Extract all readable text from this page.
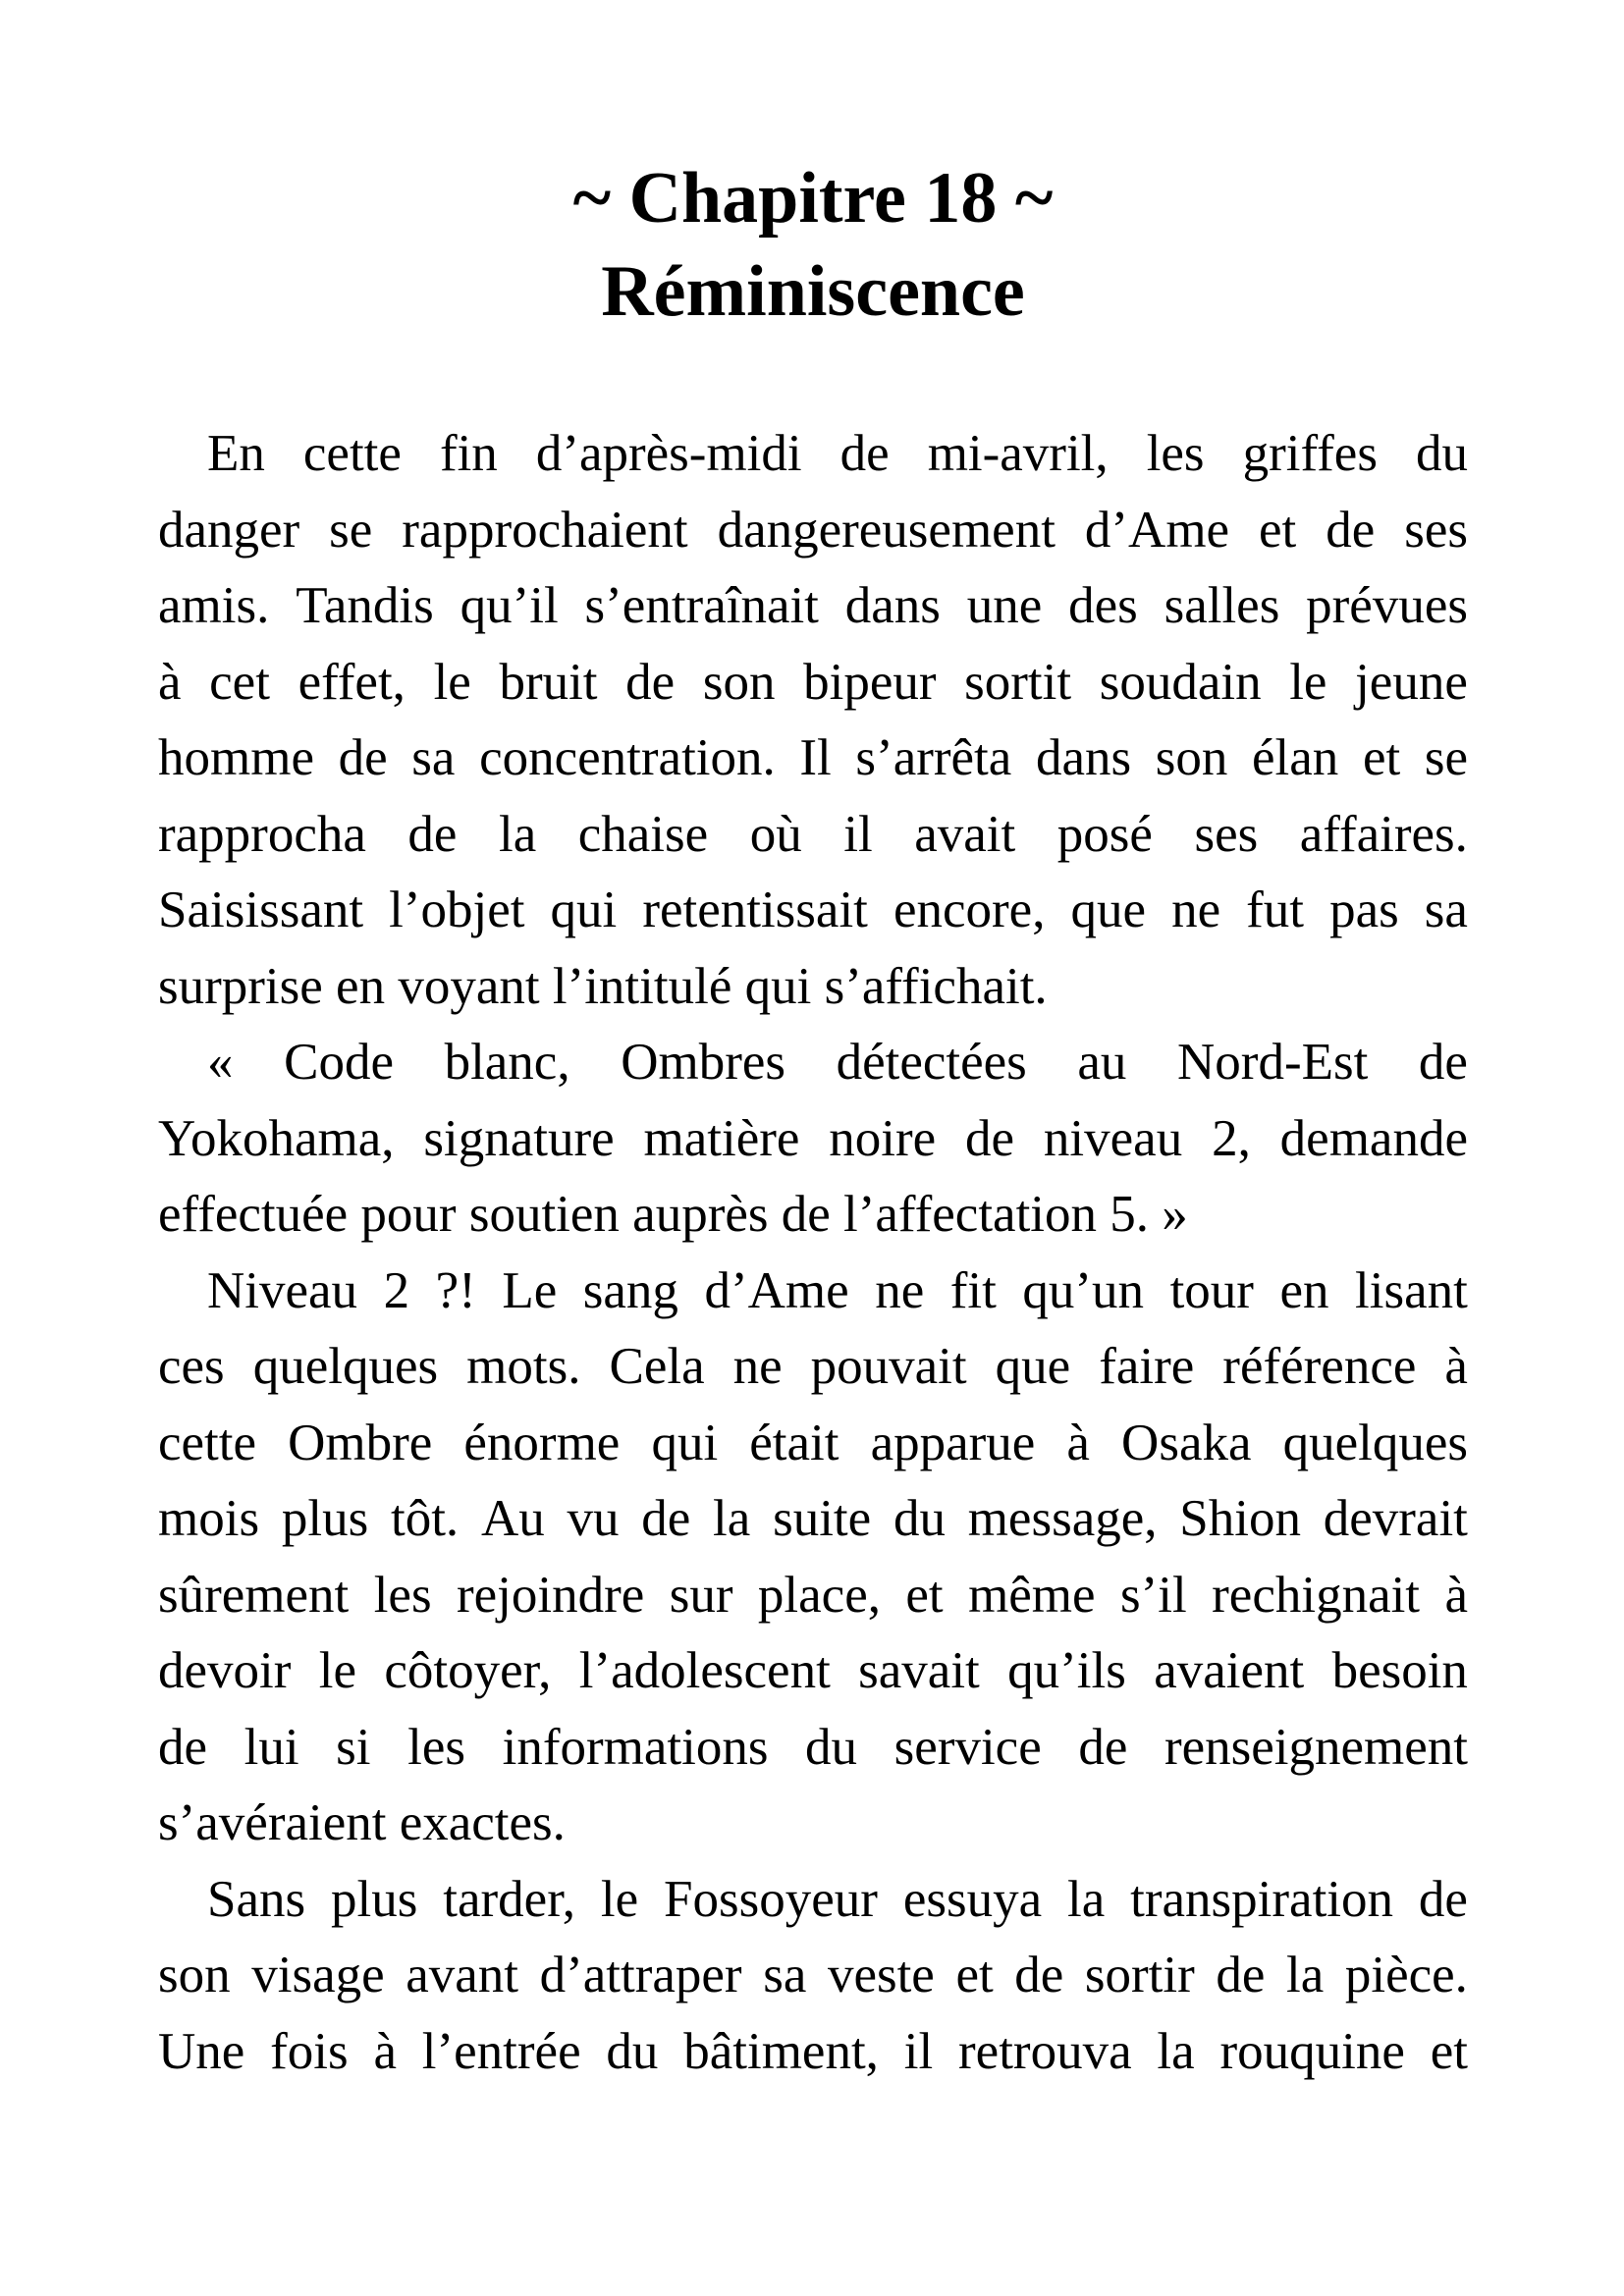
~ Chapitre 18 ~
Réminiscence
En cette fin d’après-midi de mi-avril, les griffes du
danger se rapprochaient dangereusement d’Ame et de ses
amis. Tandis qu’il s’entraînait dans une des salles prévues
à cet effet, le bruit de son bipeur sortit soudain le jeune
homme de sa concentration. Il s’arrêta dans son élan et se
rapprocha de la chaise où il avait posé ses affaires.
Saisissant l’objet qui retentissait encore, que ne fut pas sa
surprise en voyant l’intitulé qui s’affichait.
« Code blanc, Ombres détectées au Nord-Est de
Yokohama, signature matière noire de niveau 2, demande
effectuée pour soutien auprès de l’affectation 5. »
Niveau 2 ?! Le sang d’Ame ne fit qu’un tour en lisant
ces quelques mots. Cela ne pouvait que faire référence à
cette Ombre énorme qui était apparue à Osaka quelques
mois plus tôt. Au vu de la suite du message, Shion devrait
sûrement les rejoindre sur place, et même s’il rechignait à
devoir le côtoyer, l’adolescent savait qu’ils avaient besoin
de lui si les informations du service de renseignement
s’avéraient exactes.
Sans plus tarder, le Fossoyeur essuya la transpiration de
son visage avant d’attraper sa veste et de sortir de la pièce.
Une fois à l’entrée du bâtiment, il retrouva la rouquine et
